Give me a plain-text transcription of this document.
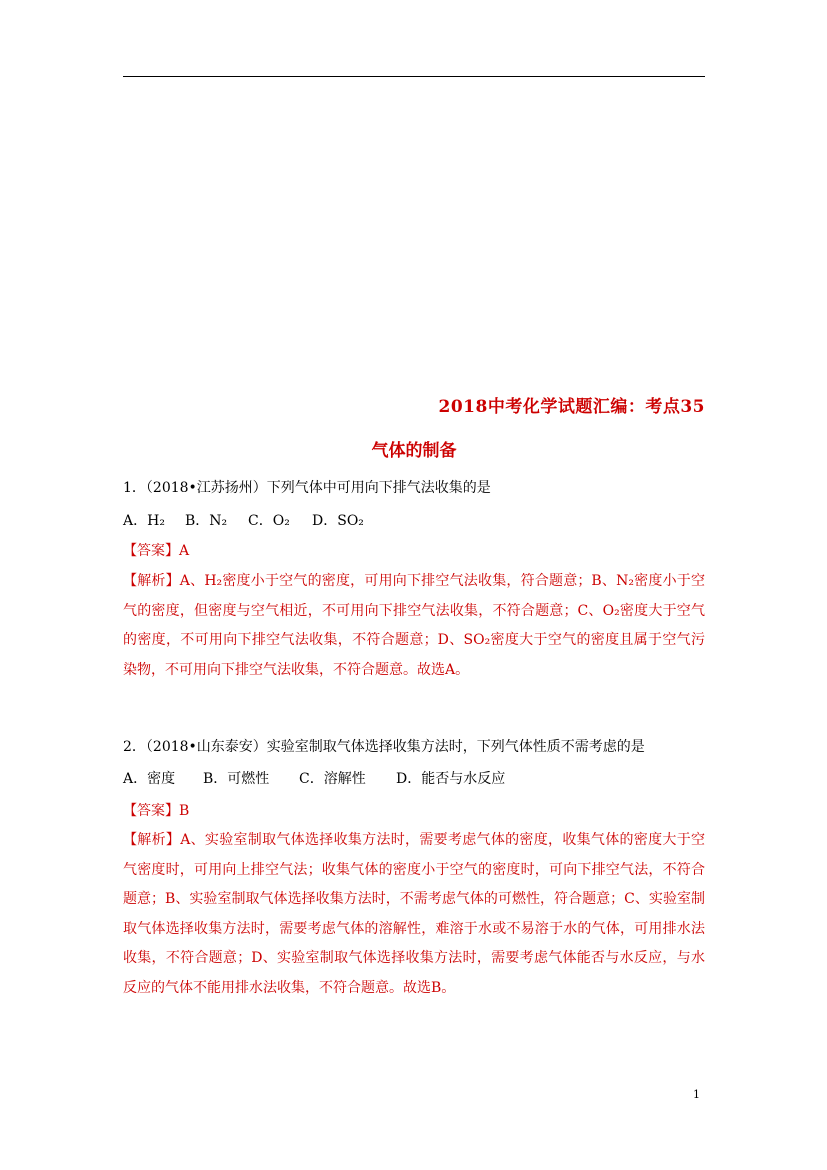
2018中考化学试题汇编：考点35
气体的制备
1．（2018•江苏扬州）下列气体中可用向下排气法收集的是
A．H₂ B．N₂ C．O₂ D．SO₂
【答案】A
【解析】A、H₂密度小于空气的密度，可用向下排空气法收集，符合题意；B、N₂密度小于空气的密度，但密度与空气相近，不可用向下排空气法收集，不符合题意；C、O₂密度大于空气的密度，不可用向下排空气法收集，不符合题意；D、SO₂密度大于空气的密度且属于空气污染物，不可用向下排空气法收集，不符合题意。故选A。
2．（2018•山东泰安）实验室制取气体选择收集方法时，下列气体性质不需考虑的是
A．密度 B．可燃性 C．溶解性 D．能否与水反应
【答案】B
【解析】A、实验室制取气体选择收集方法时，需要考虑气体的密度，收集气体的密度大于空气密度时，可用向上排空气法；收集气体的密度小于空气的密度时，可向下排空气法，不符合题意；B、实验室制取气体选择收集方法时，不需考虑气体的可燃性，符合题意；C、实验室制取气体选择收集方法时，需要考虑气体的溶解性，难溶于水或不易溶于水的气体，可用排水法收集，不符合题意；D、实验室制取气体选择收集方法时，需要考虑气体能否与水反应，与水反应的气体不能用排水法收集，不符合题意。故选B。
1
